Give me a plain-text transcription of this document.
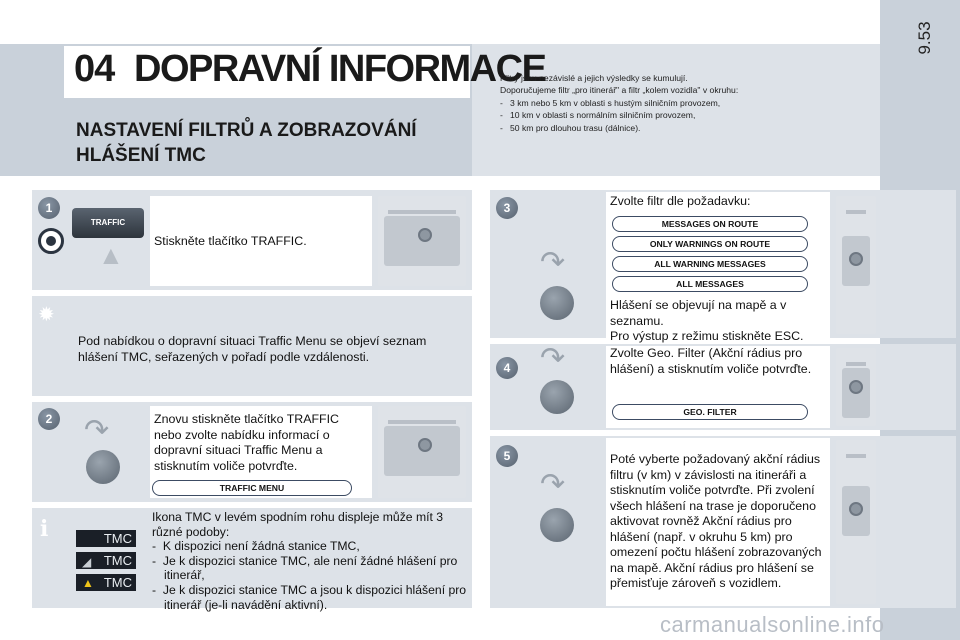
9.53
04 DOPRAVNÍ INFORMACE
NASTAVENÍ FILTRŮ A ZOBRAZOVÁNÍ HLÁŠENÍ TMC
Filtry jsou nezávislé a jejich výsledky se kumulují.
Doporučujeme filtr „pro itinerář" a filtr „kolem vozidla" v okruhu:
-   3 km nebo 5 km v oblasti s hustým silničním provozem,
-   10 km v oblasti s normálním silničním provozem,
-   50 km pro dlouhou trasu (dálnice).
1
TRAFFIC
▲ Stiskněte tlačítko TRAFFIC.
✹
Pod nabídkou o dopravní situaci Traffic Menu se objeví seznam hlášení TMC, seřazených v pořadí podle vzdálenosti.
2 ↷	Znovu stiskněte tlačítko TRAFFIC nebo zvolte nabídku informací o dopravní situaci Traffic Menu a stisknutím voliče potvrďte.
TRAFFIC MENU
i	TMC
◢ TMC
▲ TMC
Ikona TMC v levém spodním rohu displeje může mít 3 různé podoby:
-  K dispozici není žádná stanice TMC,
-  Je k dispozici stanice TMC, ale není žádné hlášení pro itinerář,
-  Je k dispozici stanice TMC a jsou k dispozici hlášení pro itinerář (je-li navádění aktivní).
3
↷
Zvolte filtr dle požadavku:
MESSAGES ON ROUTE
ONLY WARNINGS ON ROUTE
ALL WARNING MESSAGES
ALL MESSAGES
Hlášení se objevují na mapě a v seznamu.
Pro výstup z režimu stiskněte ESC.
4 ↷	Zvolte Geo. Filter (Akční rádius pro hlášení) a stisknutím voliče potvrďte.
GEO. FILTER
5
↷
Poté vyberte požadovaný akční rádius filtru (v km) v závislosti na itineráři a stisknutím voliče potvrďte. Při zvolení všech hlášení na trase je doporučeno aktivovat rovněž Akční rádius pro hlášení (např. v okruhu 5 km) pro omezení počtu hlášení zobrazovaných na mapě. Akční rádius pro hlášení se přemisťuje zároveň s vozidlem.
carmanualsonline.info
